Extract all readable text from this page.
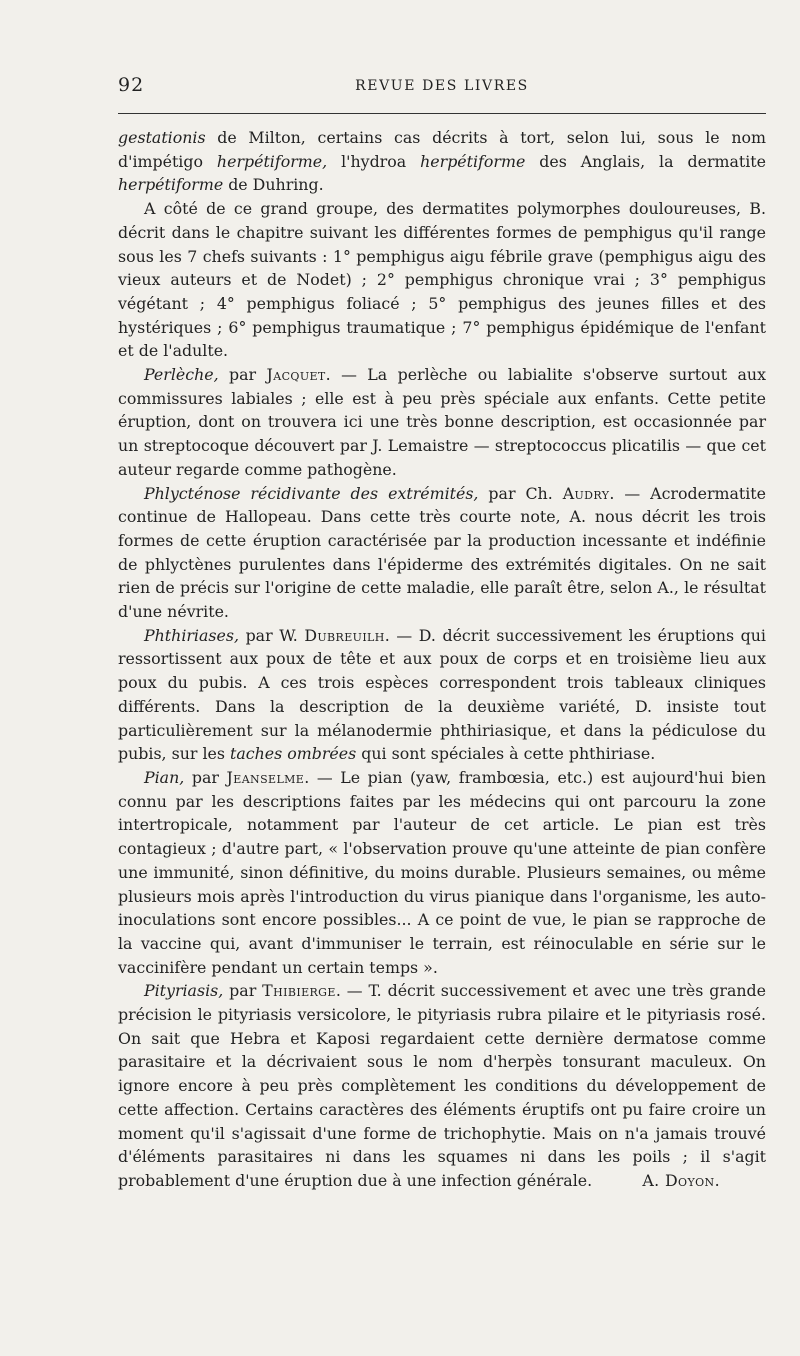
92	REVUE DES LIVRES

gestationis de Milton, certains cas décrits à tort, selon lui, sous le nom d'impétigo herpétiforme, l'hydroa herpétiforme des Anglais, la dermatite herpétiforme de Duhring.

A côté de ce grand groupe, des dermatites polymorphes douloureuses, B. décrit dans le chapitre suivant les différentes formes de pemphigus qu'il range sous les 7 chefs suivants : 1° pemphigus aigu fébrile grave (pemphigus aigu des vieux auteurs et de Nodet) ; 2° pemphigus chronique vrai ; 3° pemphigus végétant ; 4° pemphigus foliacé ; 5° pemphigus des jeunes filles et des hystériques ; 6° pemphigus traumatique ; 7° pemphigus épidémique de l'enfant et de l'adulte.

Perlèche, par Jacquet. — La perlèche ou labialite s'observe surtout aux commissures labiales ; elle est à peu près spéciale aux enfants. Cette petite éruption, dont on trouvera ici une très bonne description, est occasionnée par un streptocoque découvert par J. Lemaistre — streptococcus plicatilis — que cet auteur regarde comme pathogène.

Phlycténose récidivante des extrémités, par Ch. Audry. — Acrodermatite continue de Hallopeau. Dans cette très courte note, A. nous décrit les trois formes de cette éruption caractérisée par la production incessante et indéfinie de phlyctènes purulentes dans l'épiderme des extrémités digitales. On ne sait rien de précis sur l'origine de cette maladie, elle paraît être, selon A., le résultat d'une névrite.

Phthiriases, par W. Dubreuilh. — D. décrit successivement les éruptions qui ressortissent aux poux de tête et aux poux de corps et en troisième lieu aux poux du pubis. A ces trois espèces correspondent trois tableaux cliniques différents. Dans la description de la deuxième variété, D. insiste tout particulièrement sur la mélanodermie phthiriasique, et dans la pédiculose du pubis, sur les taches ombrées qui sont spéciales à cette phthiriase.

Pian, par Jeanselme. — Le pian (yaw, frambœsia, etc.) est aujourd'hui bien connu par les descriptions faites par les médecins qui ont parcouru la zone intertropicale, notamment par l'auteur de cet article. Le pian est très contagieux ; d'autre part, « l'observation prouve qu'une atteinte de pian confère une immunité, sinon définitive, du moins durable. Plusieurs semaines, ou même plusieurs mois après l'introduction du virus pianique dans l'organisme, les auto-inoculations sont encore possibles... A ce point de vue, le pian se rapproche de la vaccine qui, avant d'immuniser le terrain, est réinoculable en série sur le vaccinifère pendant un certain temps ».

Pityriasis, par Thibierge. — T. décrit successivement et avec une très grande précision le pityriasis versicolore, le pityriasis rubra pilaire et le pityriasis rosé. On sait que Hebra et Kaposi regardaient cette dernière dermatose comme parasitaire et la décrivaient sous le nom d'herpès tonsurant maculeux. On ignore encore à peu près complètement les conditions du développement de cette affection. Certains caractères des éléments éruptifs ont pu faire croire un moment qu'il s'agissait d'une forme de trichophytie. Mais on n'a jamais trouvé d'éléments parasitaires ni dans les squames ni dans les poils ; il s'agit probablement d'une éruption due à une infection générale.	A. Doyon.
